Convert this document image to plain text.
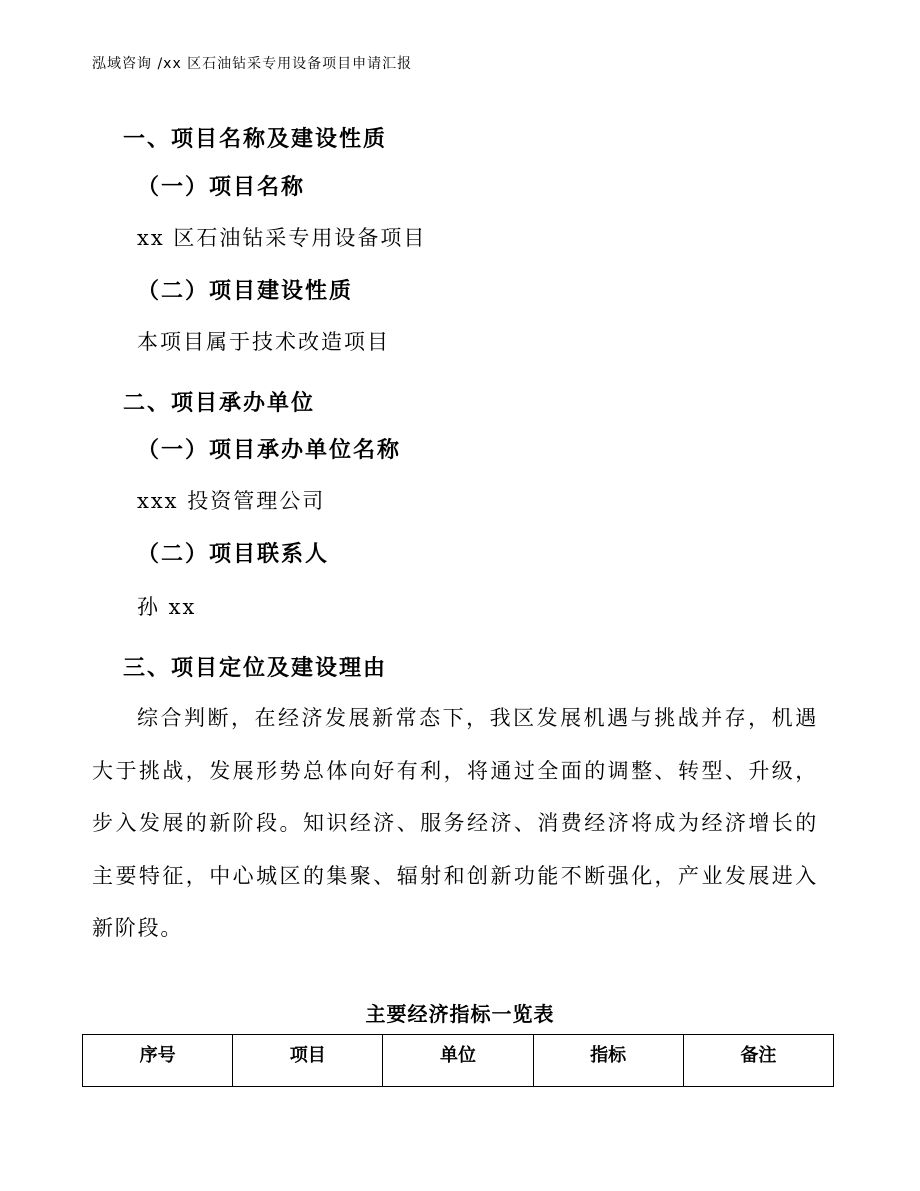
泓域咨询 /xx 区石油钻采专用设备项目申请汇报
一、项目名称及建设性质
（一）项目名称
xx 区石油钻采专用设备项目
（二）项目建设性质
本项目属于技术改造项目
二、项目承办单位
（一）项目承办单位名称
xxx 投资管理公司
（二）项目联系人
孙 xx
三、项目定位及建设理由
综合判断，在经济发展新常态下，我区发展机遇与挑战并存，机遇大于挑战，发展形势总体向好有利，将通过全面的调整、转型、升级，步入发展的新阶段。知识经济、服务经济、消费经济将成为经济增长的主要特征，中心城区的集聚、辐射和创新功能不断强化，产业发展进入新阶段。
主要经济指标一览表
序号	项目	单位	指标	备注
